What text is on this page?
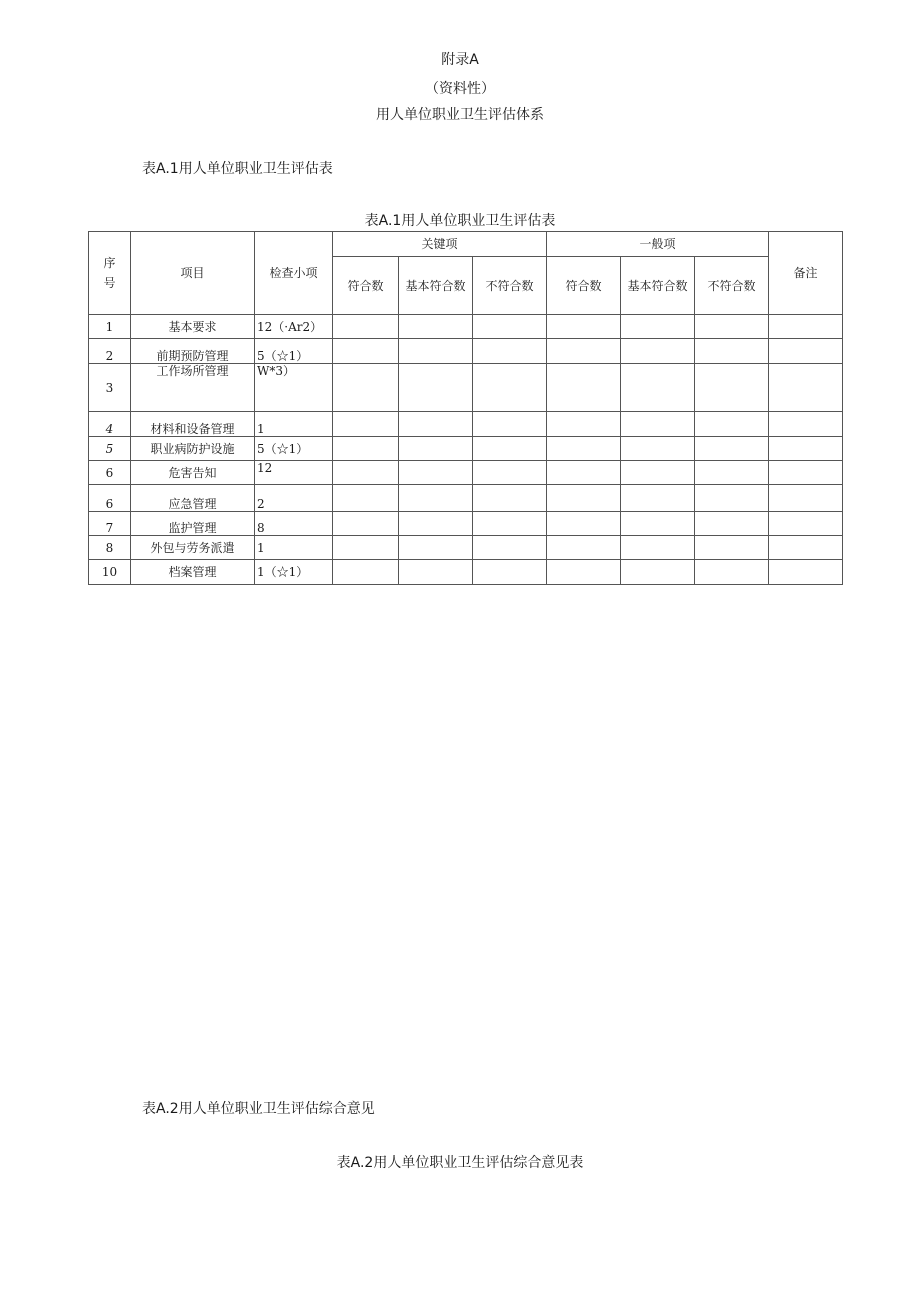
附录A
（资料性）
用人单位职业卫生评估体系
表A.1用人单位职业卫生评估表
表A.1用人单位职业卫生评估表
序
号	项目	检查小项	关键项			一般项			备注
			符合数	基本符合数	不符合数	符合数	基本符合数	不符合数	
1	基本要求	12（·Ar2）							
2	前期预防管理	5（☆1）							
3	工作场所管理	W*3）							
4	材料和设备管理	1							
5	职业病防护设施	5（☆1）							
6	危害告知	12							
6	应急管理	2							
7	监护管理	8							
8	外包与劳务派遣	1							
10	档案管理	1（☆1）							
表A.2用人单位职业卫生评估综合意见
表A.2用人单位职业卫生评估综合意见表
